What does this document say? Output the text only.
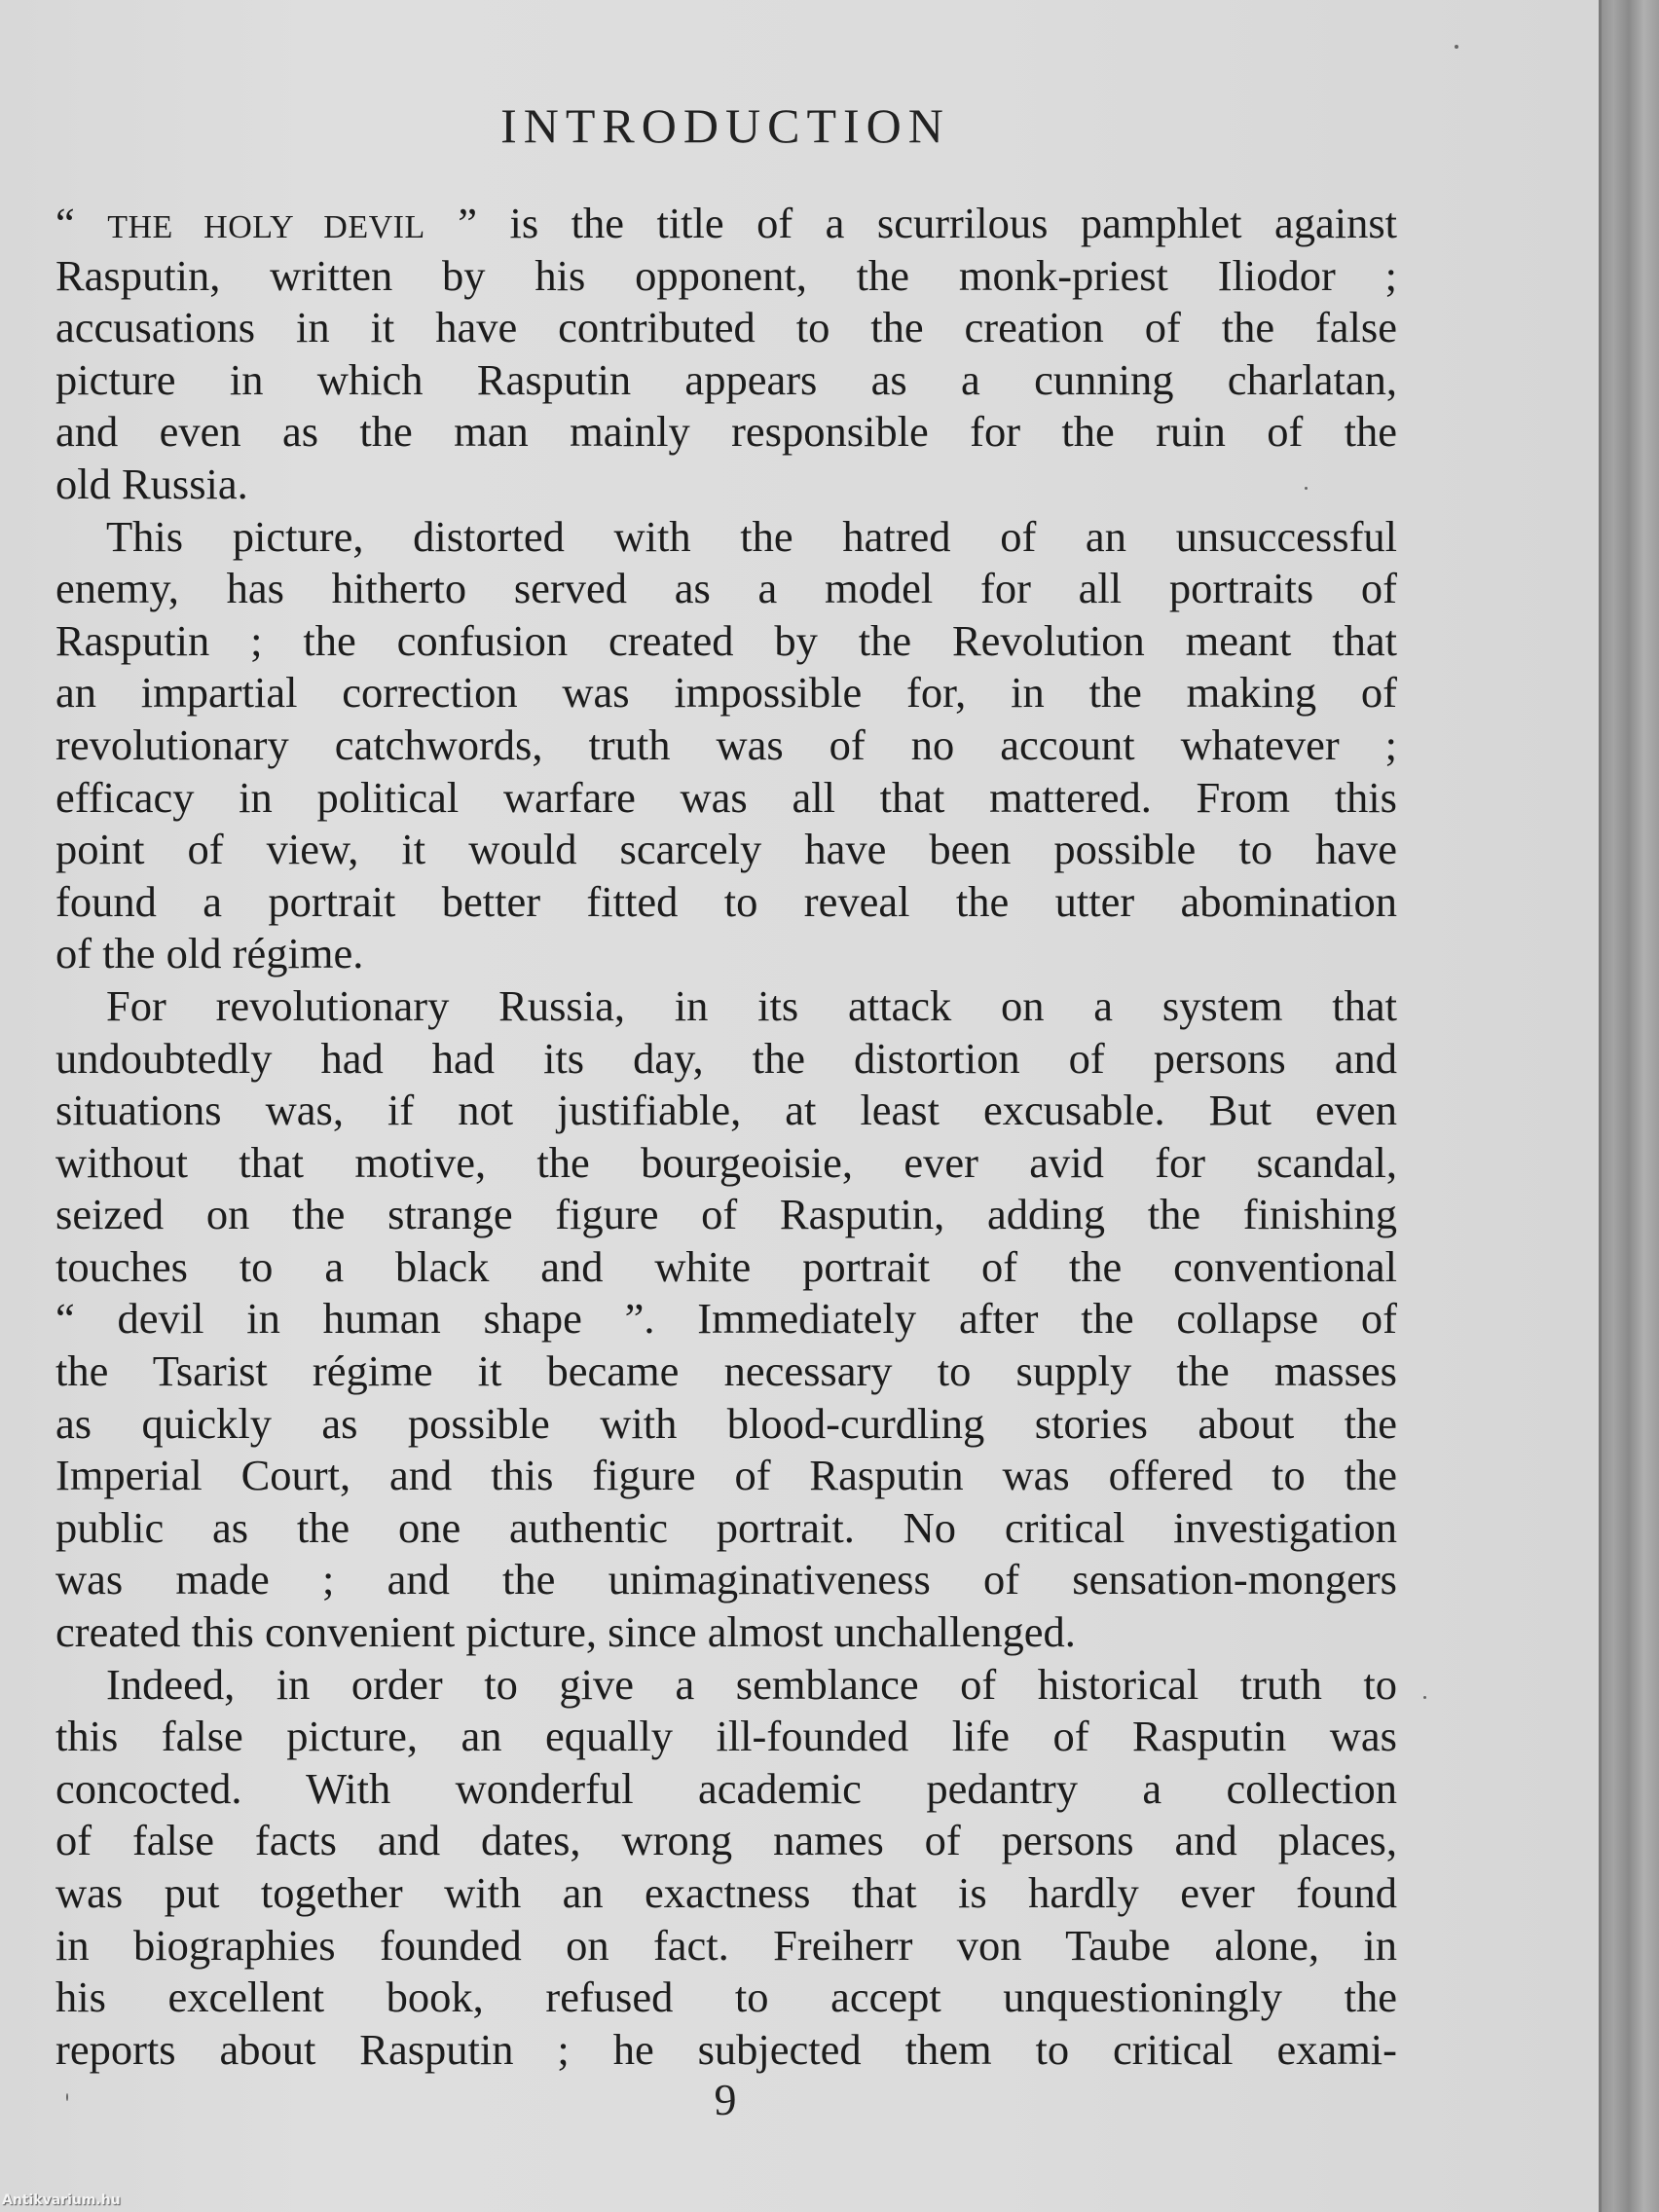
INTRODUCTION
“ THE HOLY DEVIL ” is the title of a scurrilous pamphlet against
Rasputin, written by his opponent, the monk-priest Iliodor ;
accusations in it have contributed to the creation of the false
picture in which Rasputin appears as a cunning charlatan,
and even as the man mainly responsible for the ruin of the
old Russia.
This picture, distorted with the hatred of an unsuccessful
enemy, has hitherto served as a model for all portraits of
Rasputin ; the confusion created by the Revolution meant that
an impartial correction was impossible for, in the making of
revolutionary catchwords, truth was of no account whatever ;
efficacy in political warfare was all that mattered. From this
point of view, it would scarcely have been possible to have
found a portrait better fitted to reveal the utter abomination
of the old régime.
For revolutionary Russia, in its attack on a system that
undoubtedly had had its day, the distortion of persons and
situations was, if not justifiable, at least excusable. But even
without that motive, the bourgeoisie, ever avid for scandal,
seized on the strange figure of Rasputin, adding the finishing
touches to a black and white portrait of the conventional
“ devil in human shape ”. Immediately after the collapse of
the Tsarist régime it became necessary to supply the masses
as quickly as possible with blood-curdling stories about the
Imperial Court, and this figure of Rasputin was offered to the
public as the one authentic portrait. No critical investigation
was made ; and the unimaginativeness of sensation-mongers
created this convenient picture, since almost unchallenged.
Indeed, in order to give a semblance of historical truth to
this false picture, an equally ill-founded life of Rasputin was
concocted. With wonderful academic pedantry a collection
of false facts and dates, wrong names of persons and places,
was put together with an exactness that is hardly ever found
in biographies founded on fact. Freiherr von Taube alone, in
his excellent book, refused to accept unquestioningly the
reports about Rasputin ; he subjected them to critical exami-
9
Antikvarium.hu
